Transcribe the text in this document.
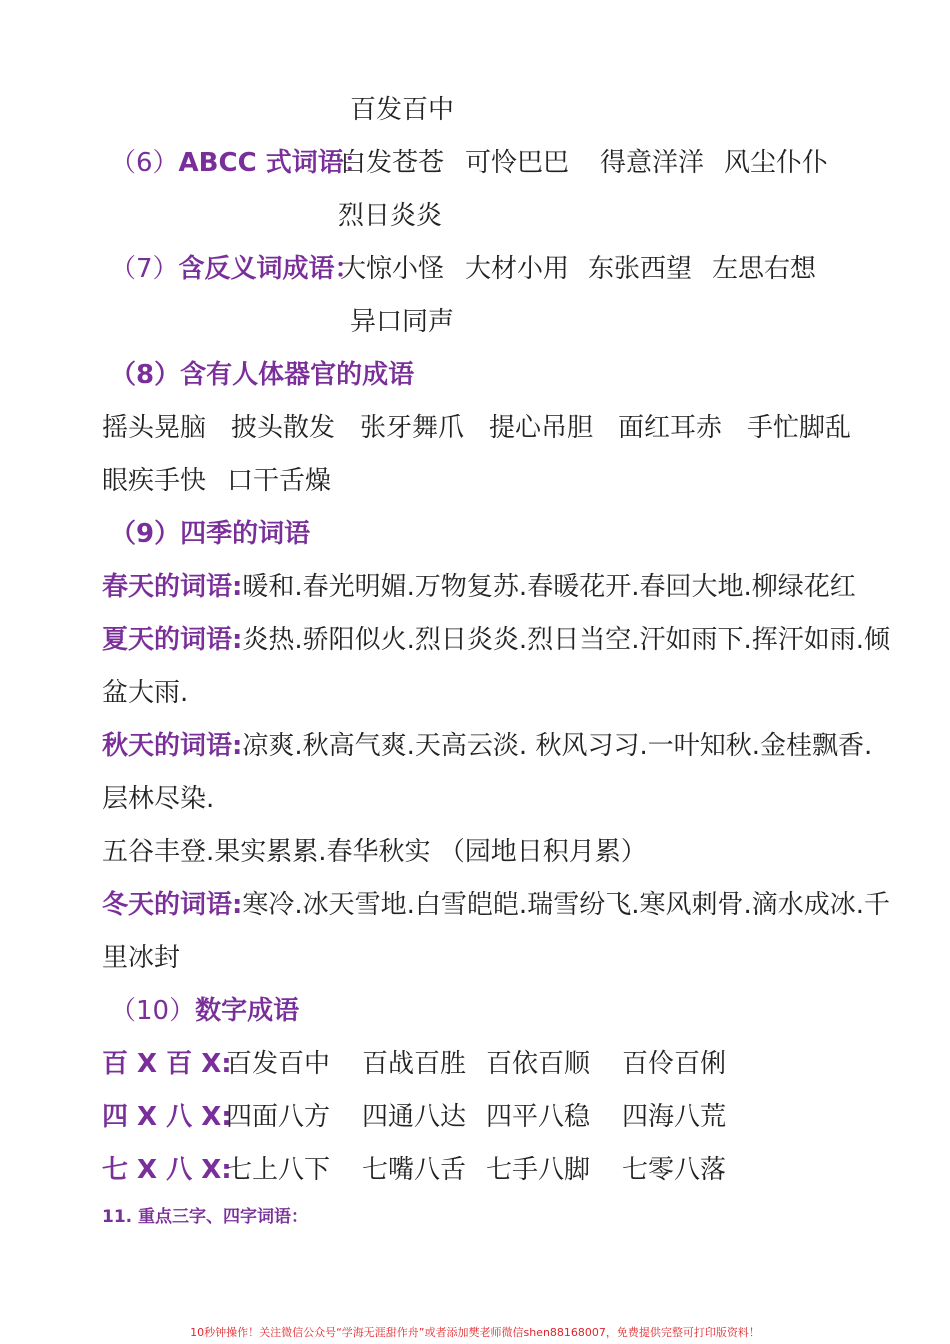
百发百中
（6）ABCC 式词语：
白发苍苍 可怜巴巴 得意洋洋 风尘仆仆
烈日炎炎
（7）含反义词成语：
大惊小怪 大材小用 东张西望 左思右想
异口同声
（8）含有人体器官的成语
摇头晃脑 披头散发 张牙舞爪 提心吊胆 面红耳赤 手忙脚乱
眼疾手快 口干舌燥
（9）四季的词语
春天的词语:暖和.春光明媚.万物复苏.春暖花开.春回大地.柳绿花红
夏天的词语:炎热.骄阳似火.烈日炎炎.烈日当空.汗如雨下.挥汗如雨.倾
盆大雨.
秋天的词语:凉爽.秋高气爽.天高云淡. 秋风习习.一叶知秋.金桂飘香.
层林尽染.
五谷丰登.果实累累.春华秋实 （园地日积月累）
冬天的词语:寒冷.冰天雪地.白雪皑皑.瑞雪纷飞.寒风刺骨.滴水成冰.千
里冰封
（10）数字成语
百 X 百 X:
百发百中 百战百胜 百依百顺 百伶百俐
四 X 八 X:
四面八方 四通八达 四平八稳 四海八荒
七 X 八 X:
七上八下 七嘴八舌 七手八脚 七零八落
11. 重点三字、四字词语：
10秒钟操作！关注微信公众号“学海无涯甜作舟”或者添加樊老师微信shen88168007，免费提供完整可打印版资料！
